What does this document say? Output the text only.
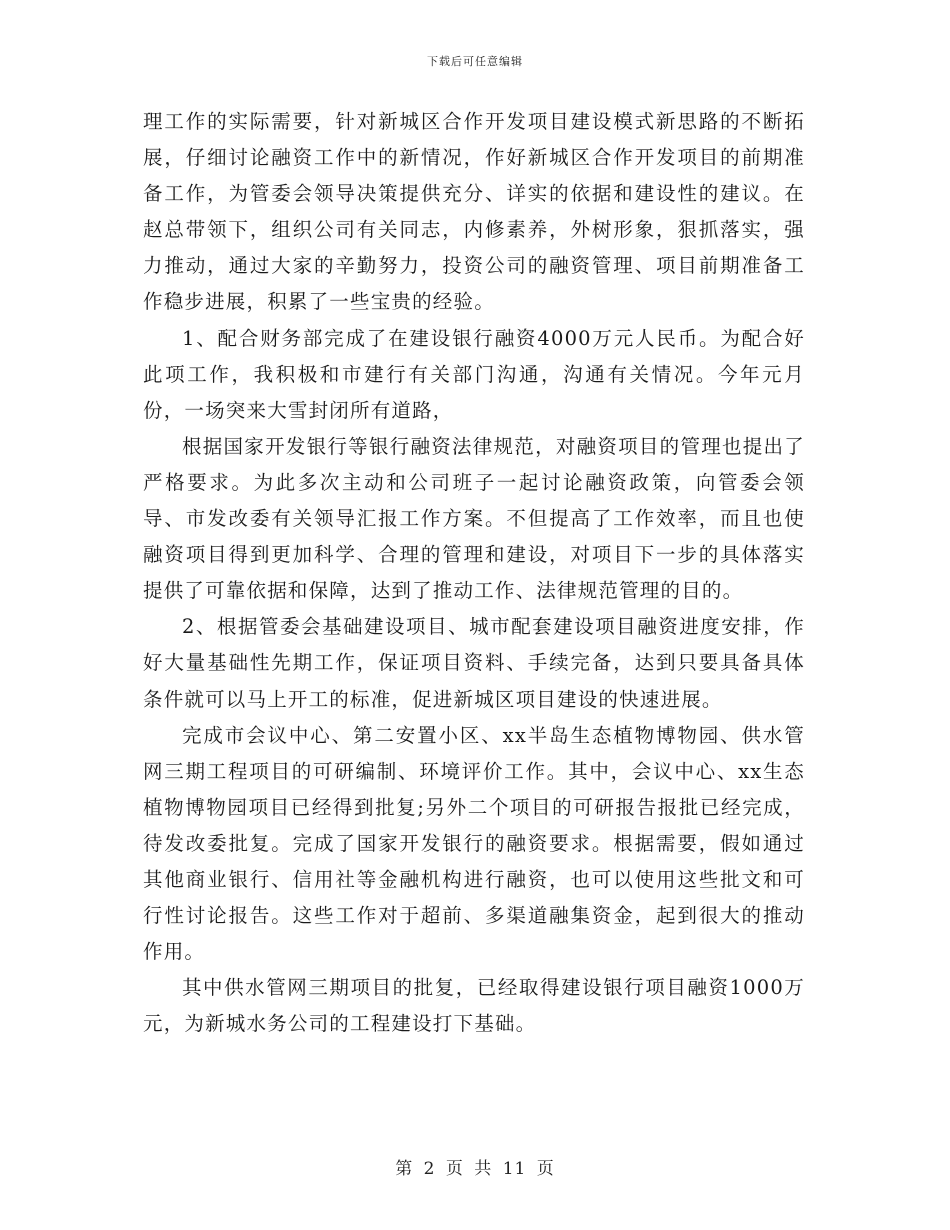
下载后可任意编辑

理工作的实际需要，针对新城区合作开发项目建设模式新思路的不断拓展，仔细讨论融资工作中的新情况，作好新城区合作开发项目的前期准备工作，为管委会领导决策提供充分、详实的依据和建设性的建议。在赵总带领下，组织公司有关同志，内修素养，外树形象，狠抓落实，强力推动，通过大家的辛勤努力，投资公司的融资管理、项目前期准备工作稳步进展，积累了一些宝贵的经验。

1、配合财务部完成了在建设银行融资4000万元人民币。为配合好此项工作，我积极和市建行有关部门沟通，沟通有关情况。今年元月份，一场突来大雪封闭所有道路，

根据国家开发银行等银行融资法律规范，对融资项目的管理也提出了严格要求。为此多次主动和公司班子一起讨论融资政策，向管委会领导、市发改委有关领导汇报工作方案。不但提高了工作效率，而且也使融资项目得到更加科学、合理的管理和建设，对项目下一步的具体落实提供了可靠依据和保障，达到了推动工作、法律规范管理的目的。

2、根据管委会基础建设项目、城市配套建设项目融资进度安排，作好大量基础性先期工作，保证项目资料、手续完备，达到只要具备具体条件就可以马上开工的标准，促进新城区项目建设的快速进展。

完成市会议中心、第二安置小区、xx半岛生态植物博物园、供水管网三期工程项目的可研编制、环境评价工作。其中，会议中心、xx生态植物博物园项目已经得到批复;另外二个项目的可研报告报批已经完成，待发改委批复。完成了国家开发银行的融资要求。根据需要，假如通过其他商业银行、信用社等金融机构进行融资，也可以使用这些批文和可行性讨论报告。这些工作对于超前、多渠道融集资金，起到很大的推动作用。

其中供水管网三期项目的批复，已经取得建设银行项目融资1000万元，为新城水务公司的工程建设打下基础。

第 2 页 共 11 页
